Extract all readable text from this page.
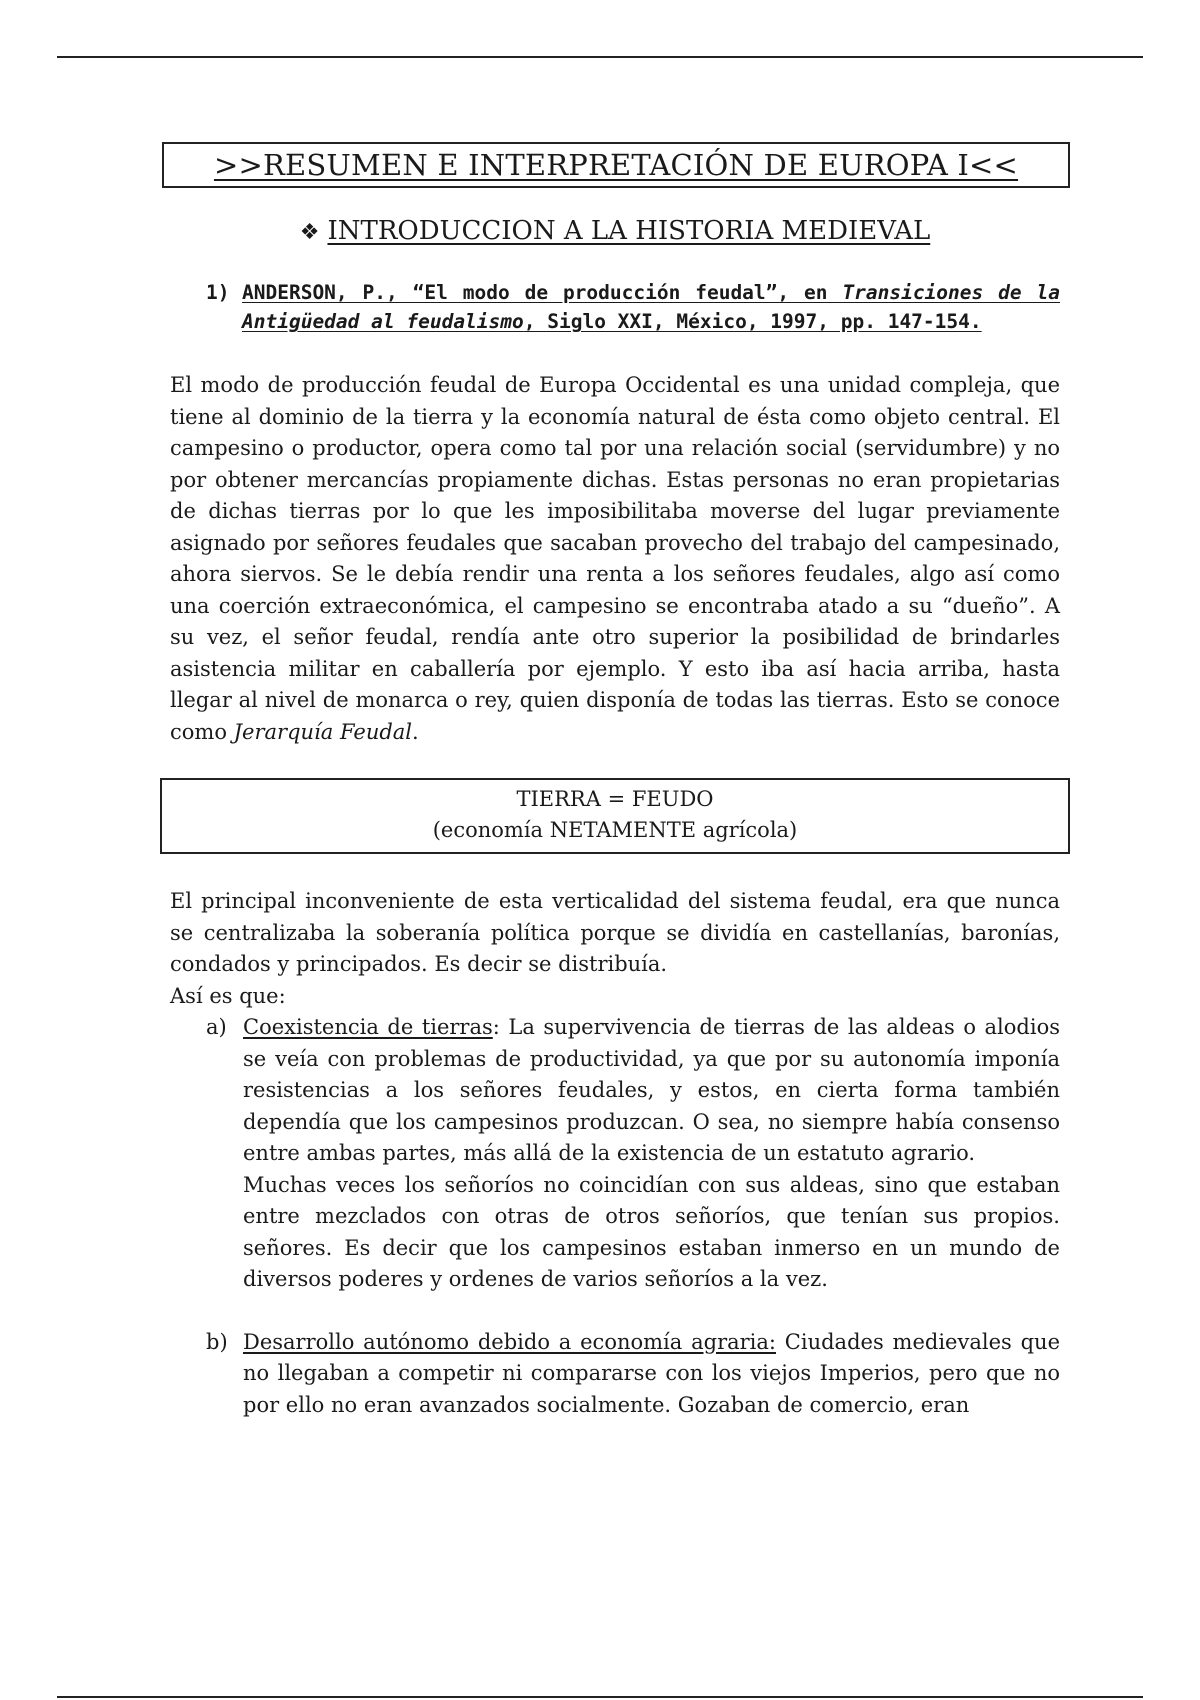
>>RESUMEN E INTERPRETACIÓN DE EUROPA I<<
❖ INTRODUCCION A LA HISTORIA MEDIEVAL
1) ANDERSON, P., “El modo de producción feudal”, en Transiciones de la Antigüedad al feudalismo, Siglo XXI, México, 1997, pp. 147-154.

El modo de producción feudal de Europa Occidental es una unidad compleja, que tiene al dominio de la tierra y la economía natural de ésta como objeto central. El campesino o productor, opera como tal por una relación social (servidumbre) y no por obtener mercancías propiamente dichas. Estas personas no eran propietarias de dichas tierras por lo que les imposibilitaba moverse del lugar previamente asignado por señores feudales que sacaban provecho del trabajo del campesinado, ahora siervos. Se le debía rendir una renta a los señores feudales, algo así como una coerción extraeconómica, el campesino se encontraba atado a su “dueño”. A su vez, el señor feudal, rendía ante otro superior la posibilidad de brindarles asistencia militar en caballería por ejemplo. Y esto iba así hacia arriba, hasta llegar al nivel de monarca o rey, quien disponía de todas las tierras. Esto se conoce como Jerarquía Feudal.

TIERRA = FEUDO
(economía NETAMENTE agrícola)

El principal inconveniente de esta verticalidad del sistema feudal, era que nunca se centralizaba la soberanía política porque se dividía en castellanías, baronías, condados y principados. Es decir se distribuía.

Así es que:

a) Coexistencia de tierras: La supervivencia de tierras de las aldeas o alodios se veía con problemas de productividad, ya que por su autonomía imponía resistencias a los señores feudales, y estos, en cierta forma también dependía que los campesinos produzcan. O sea, no siempre había consenso entre ambas partes, más allá de la existencia de un estatuto agrario.
Muchas veces los señoríos no coincidían con sus aldeas, sino que estaban entre mezclados con otras de otros señoríos, que tenían sus propios. señores. Es decir que los campesinos estaban inmerso en un mundo de diversos poderes y ordenes de varios señoríos a la vez.
b) Desarrollo autónomo debido a economía agraria: Ciudades medievales que no llegaban a competir ni compararse con los viejos Imperios, pero que no por ello no eran avanzados socialmente. Gozaban de comercio, eran
